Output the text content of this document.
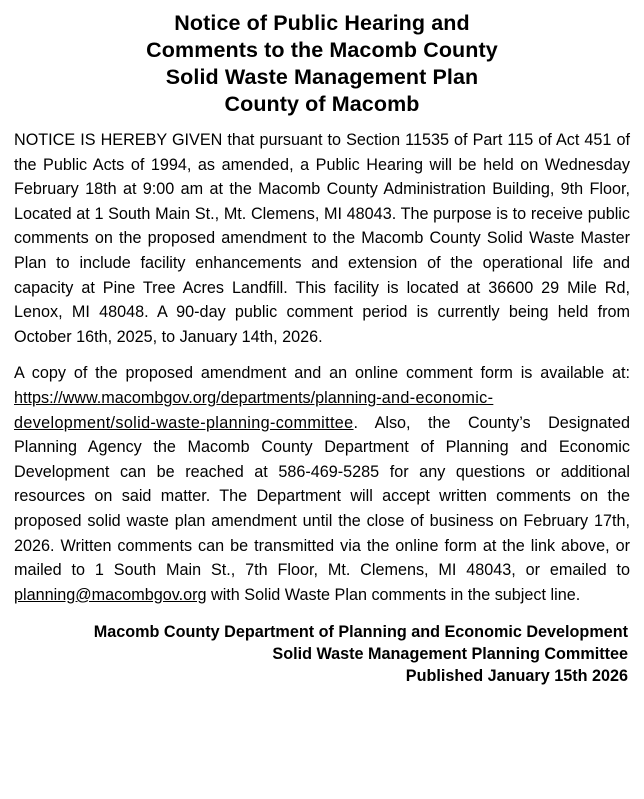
Notice of Public Hearing and
Comments to the Macomb County
Solid Waste Management Plan
County of Macomb

NOTICE IS HEREBY GIVEN that pursuant to Section 11535 of Part 115 of Act 451 of the Public Acts of 1994, as amended, a Public Hearing will be held on Wednesday February 18th at 9:00 am at the Macomb County Administration Building, 9th Floor, Located at 1 South Main St., Mt. Clemens, MI 48043. The purpose is to receive public comments on the proposed amendment to the Macomb County Solid Waste Master Plan to include facility enhancements and extension of the operational life and capacity at Pine Tree Acres Landfill. This facility is located at 36600 29 Mile Rd, Lenox, MI 48048. A 90-day public comment period is currently being held from October 16th, 2025, to January 14th, 2026.

A copy of the proposed amendment and an online comment form is available at: https://www.macombgov.org/departments/planning-and-economic-development/solid-waste-planning-committee. Also, the County’s Designated Planning Agency the Macomb County Department of Planning and Economic Development can be reached at 586-469-5285 for any questions or additional resources on said matter. The Department will accept written comments on the proposed solid waste plan amendment until the close of business on February 17th, 2026. Written comments can be transmitted via the online form at the link above, or mailed to 1 South Main St., 7th Floor, Mt. Clemens, MI 48043, or emailed to planning@macombgov.org with Solid Waste Plan comments in the subject line.

Macomb County Department of Planning and Economic Development
Solid Waste Management Planning Committee
Published January 15th 2026
